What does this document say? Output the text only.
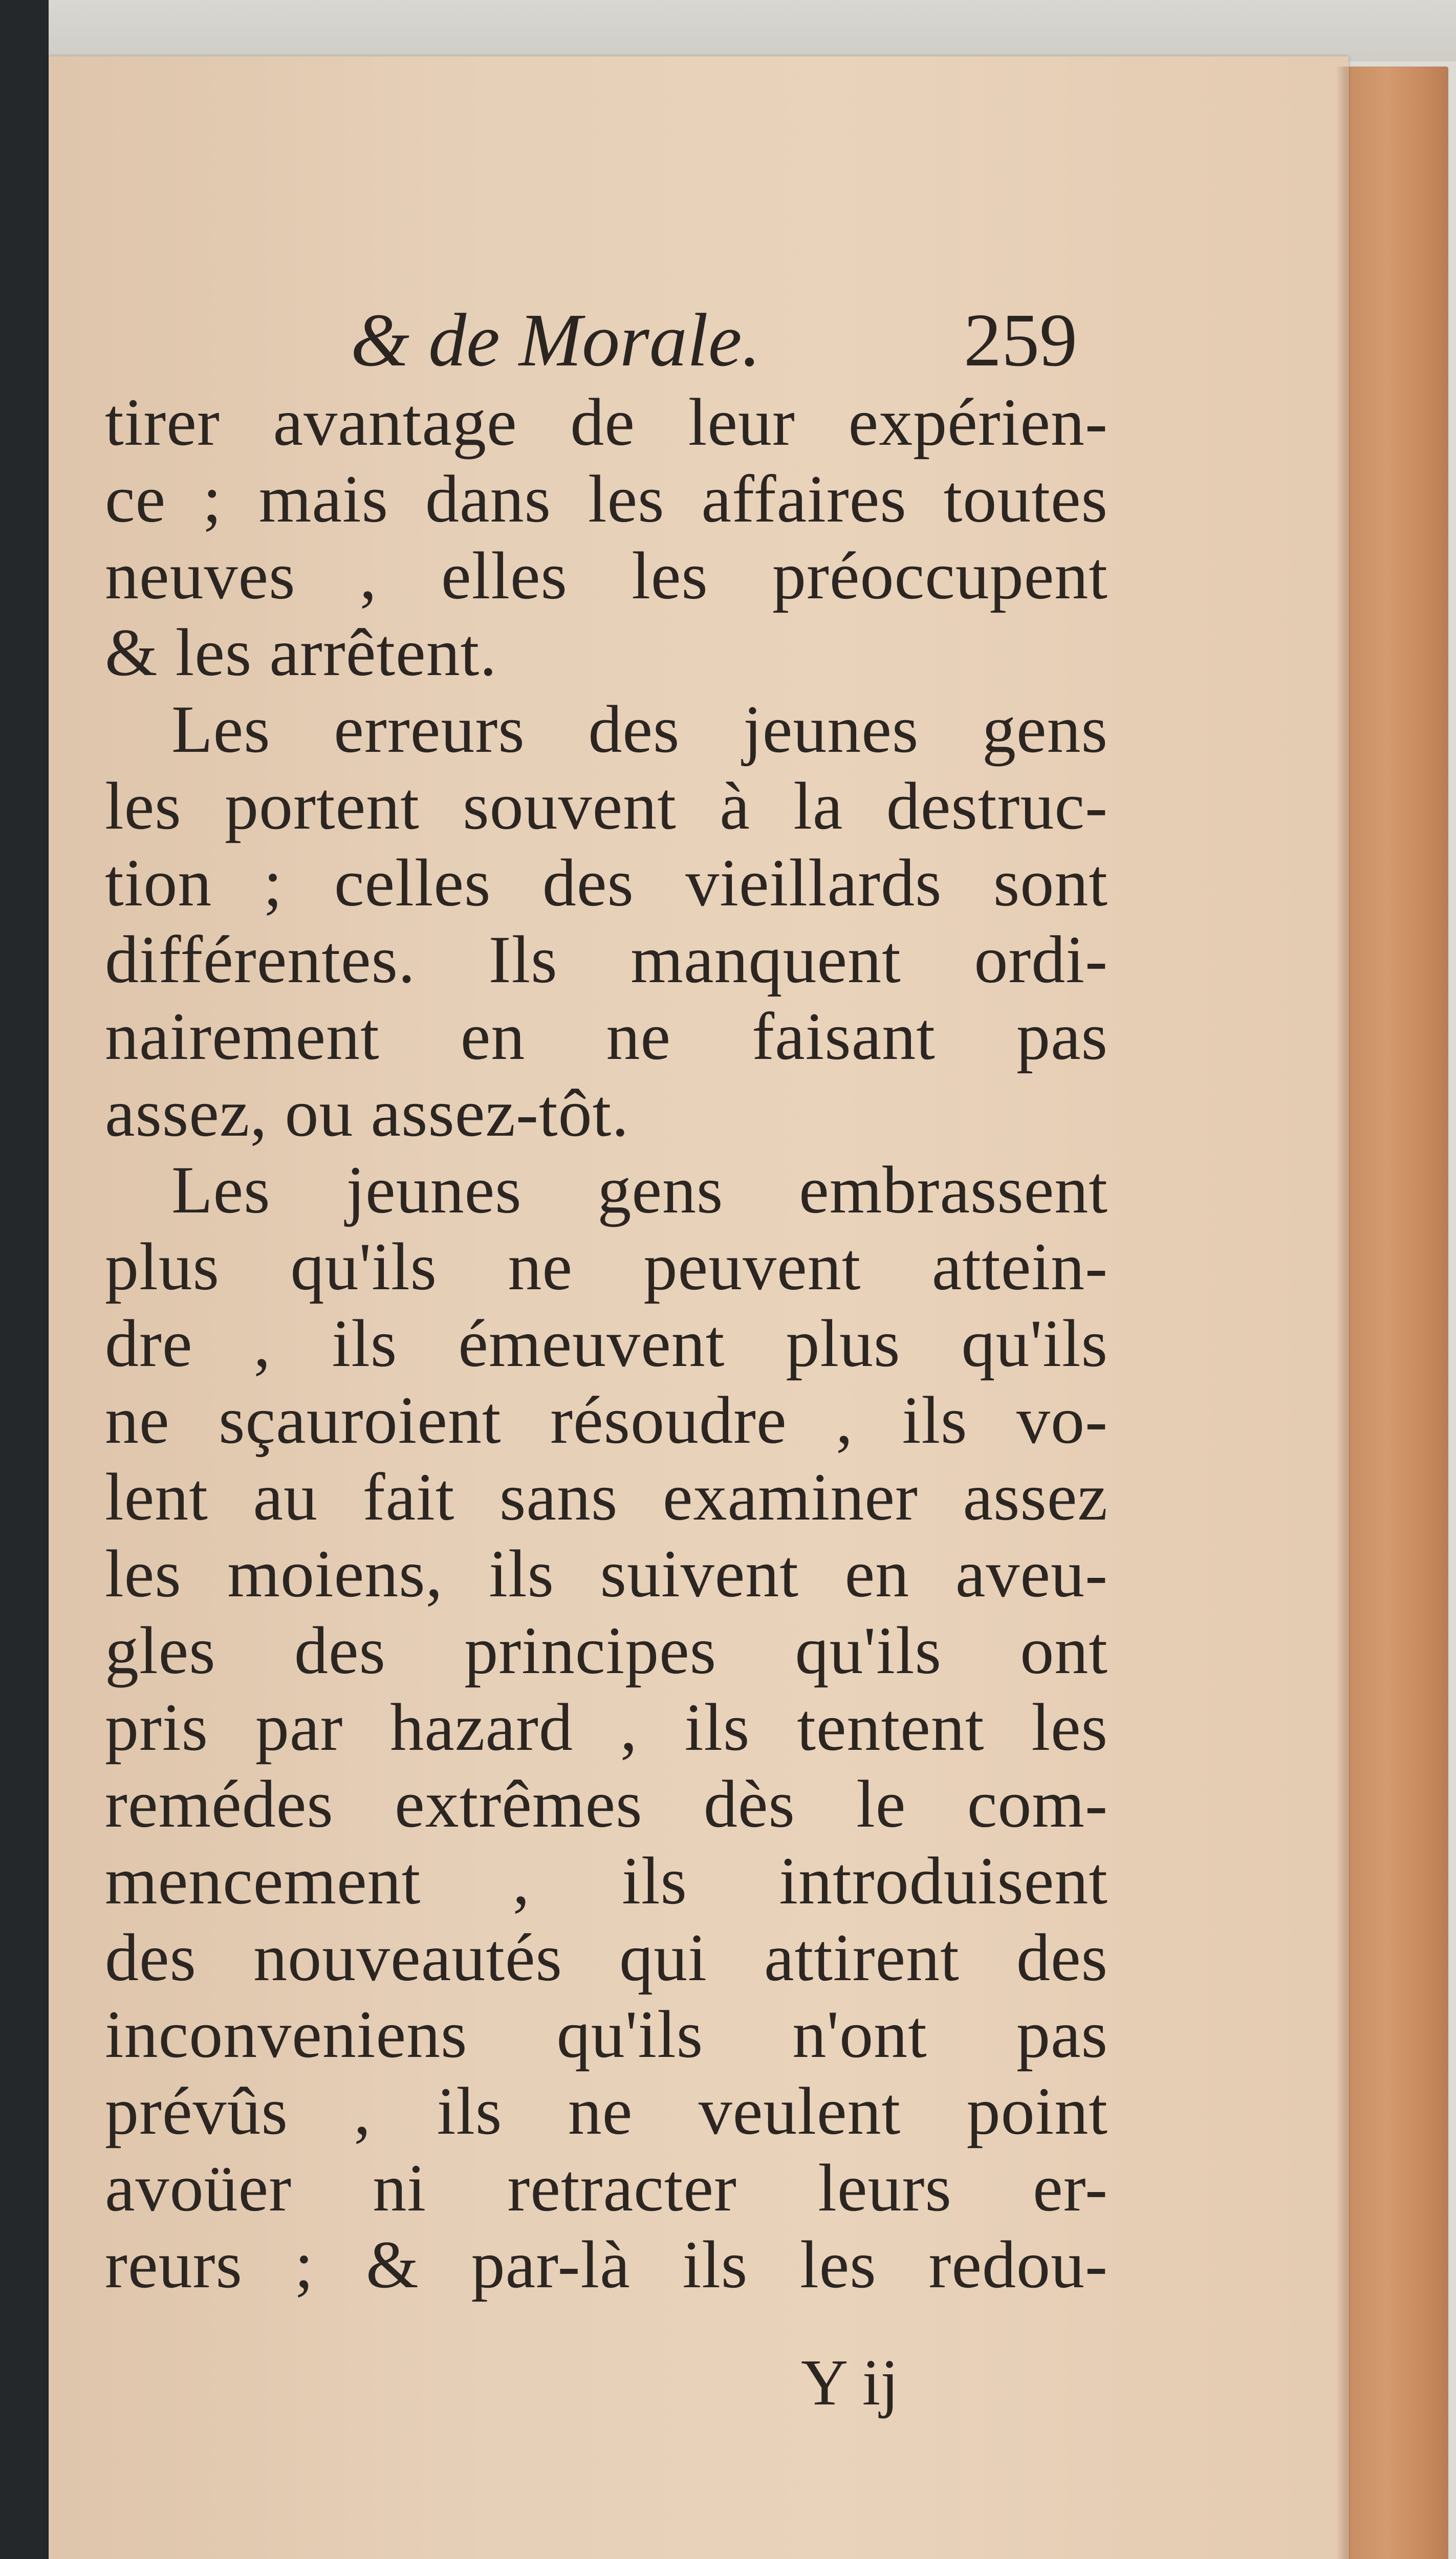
& de Morale.	259
tirer avantage de leur expérien-
ce ; mais dans les affaires toutes
neuves , elles les préoccupent
& les arrêtent.
Les erreurs des jeunes gens
les portent souvent à la destruc-
tion ; celles des vieillards sont
différentes. Ils manquent ordi-
nairement en ne faisant pas
assez, ou assez-tôt.
Les jeunes gens embrassent
plus qu'ils ne peuvent attein-
dre , ils émeuvent plus qu'ils
ne sçauroient résoudre , ils vo-
lent au fait sans examiner assez
les moiens, ils suivent en aveu-
gles des principes qu'ils ont
pris par hazard , ils tentent les
remédes extrêmes dès le com-
mencement , ils introduisent
des nouveautés qui attirent des
inconveniens qu'ils n'ont pas
prévûs , ils ne veulent point
avoüer ni retracter leurs er-
reurs ; & par-là ils les redou-
Y ij
